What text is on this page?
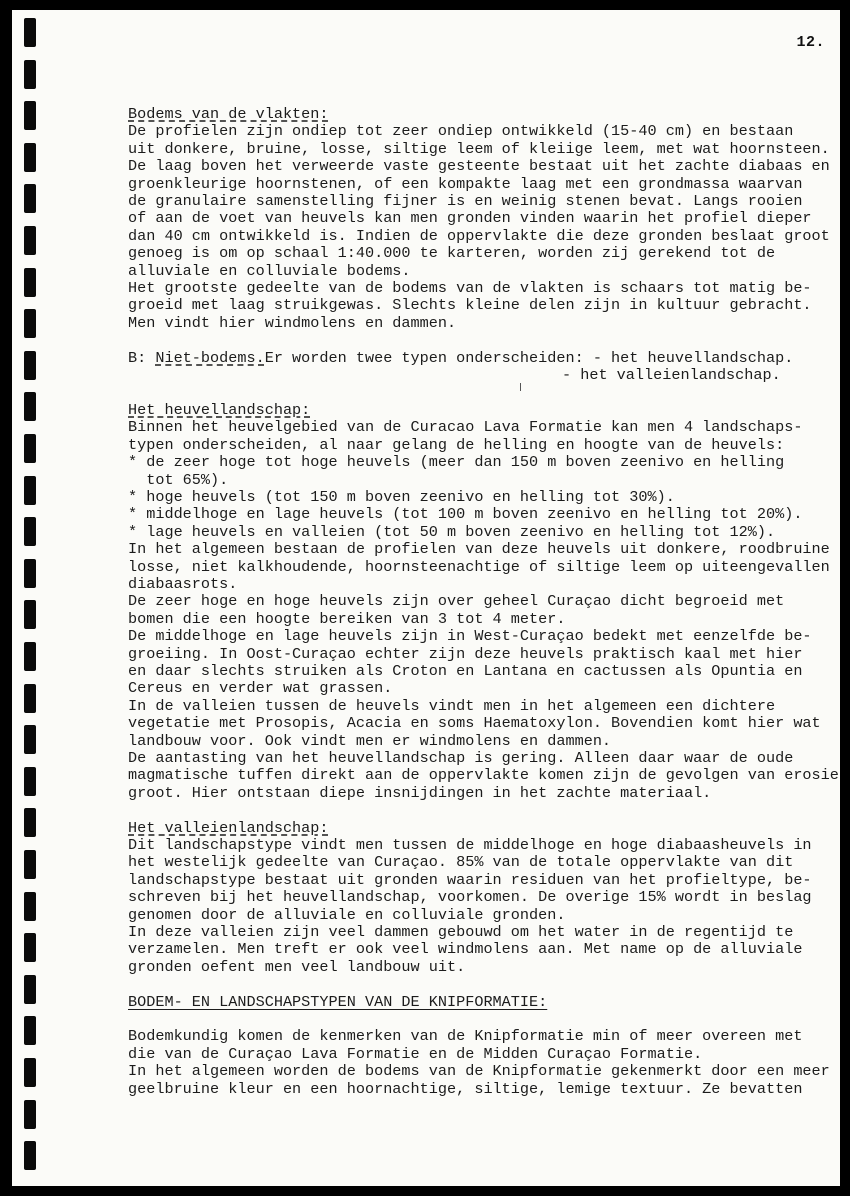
12.

Bodems van de vlakten:

De profielen zijn ondiep tot zeer ondiep ontwikkeld (15-40 cm) en bestaan

uit donkere, bruine, losse, siltige leem of kleiige leem, met wat hoornsteen.

De laag boven het verweerde vaste gesteente bestaat uit het zachte diabaas en

groenkleurige hoornstenen, of een kompakte laag met een grondmassa waarvan

de granulaire samenstelling fijner is en weinig stenen bevat. Langs rooien

of aan de voet van heuvels kan men gronden vinden waarin het profiel dieper

dan 40 cm ontwikkeld is. Indien de oppervlakte die deze gronden beslaat groot

genoeg is om op schaal 1:40.000 te karteren, worden zij gerekend tot de

alluviale en colluviale bodems.

Het grootste gedeelte van de bodems van de vlakten is schaars tot matig be-

groeid met laag struikgewas. Slechts kleine delen zijn in kultuur gebracht.

Men vindt hier windmolens en dammen.

B: Niet-bodems.Er worden twee typen onderscheiden: - het heuvellandschap.

- het valleienlandschap.

Het heuvellandschap:

Binnen het heuvelgebied van de Curacao Lava Formatie kan men 4 landschaps-

typen onderscheiden, al naar gelang de helling en hoogte van de heuvels:

* de zeer hoge tot hoge heuvels (meer dan 150 m boven zeenivo en helling

tot 65%).

* hoge heuvels (tot 150 m boven zeenivo en helling tot 30%).

* middelhoge en lage heuvels (tot 100 m boven zeenivo en helling tot 20%).

* lage heuvels en valleien (tot 50 m boven zeenivo en helling tot 12%).

In het algemeen bestaan de profielen van deze heuvels uit donkere, roodbruine

losse, niet kalkhoudende, hoornsteenachtige of siltige leem op uiteengevallen

diabaasrots.

De zeer hoge en hoge heuvels zijn over geheel Curaçao dicht begroeid met

bomen die een hoogte bereiken van 3 tot 4 meter.

De middelhoge en lage heuvels zijn in West-Curaçao bedekt met eenzelfde be-

groeiing. In Oost-Curaçao echter zijn deze heuvels praktisch kaal met hier

en daar slechts struiken als Croton en Lantana en cactussen als Opuntia en

Cereus en verder wat grassen.

In de valleien tussen de heuvels vindt men in het algemeen een dichtere

vegetatie met Prosopis, Acacia en soms Haematoxylon. Bovendien komt hier wat

landbouw voor. Ook vindt men er windmolens en dammen.

De aantasting van het heuvellandschap is gering. Alleen daar waar de oude

magmatische tuffen direkt aan de oppervlakte komen zijn de gevolgen van erosie

groot. Hier ontstaan diepe insnijdingen in het zachte materiaal.

Het valleienlandschap:

Dit landschapstype vindt men tussen de middelhoge en hoge diabaasheuvels in

het westelijk gedeelte van Curaçao. 85% van de totale oppervlakte van dit

landschapstype bestaat uit gronden waarin residuen van het profieltype, be-

schreven bij het heuvellandschap, voorkomen. De overige 15% wordt in beslag

genomen door de alluviale en colluviale gronden.

In deze valleien zijn veel dammen gebouwd om het water in de regentijd te

verzamelen. Men treft er ook veel windmolens aan. Met name op de alluviale

gronden oefent men veel landbouw uit.

BODEM- EN LANDSCHAPSTYPEN VAN DE KNIPFORMATIE:

Bodemkundig komen de kenmerken van de Knipformatie min of meer overeen met

die van de Curaçao Lava Formatie en de Midden Curaçao Formatie.

In het algemeen worden de bodems van de Knipformatie gekenmerkt door een meer

geelbruine kleur en een hoornachtige, siltige, lemige textuur. Ze bevatten
